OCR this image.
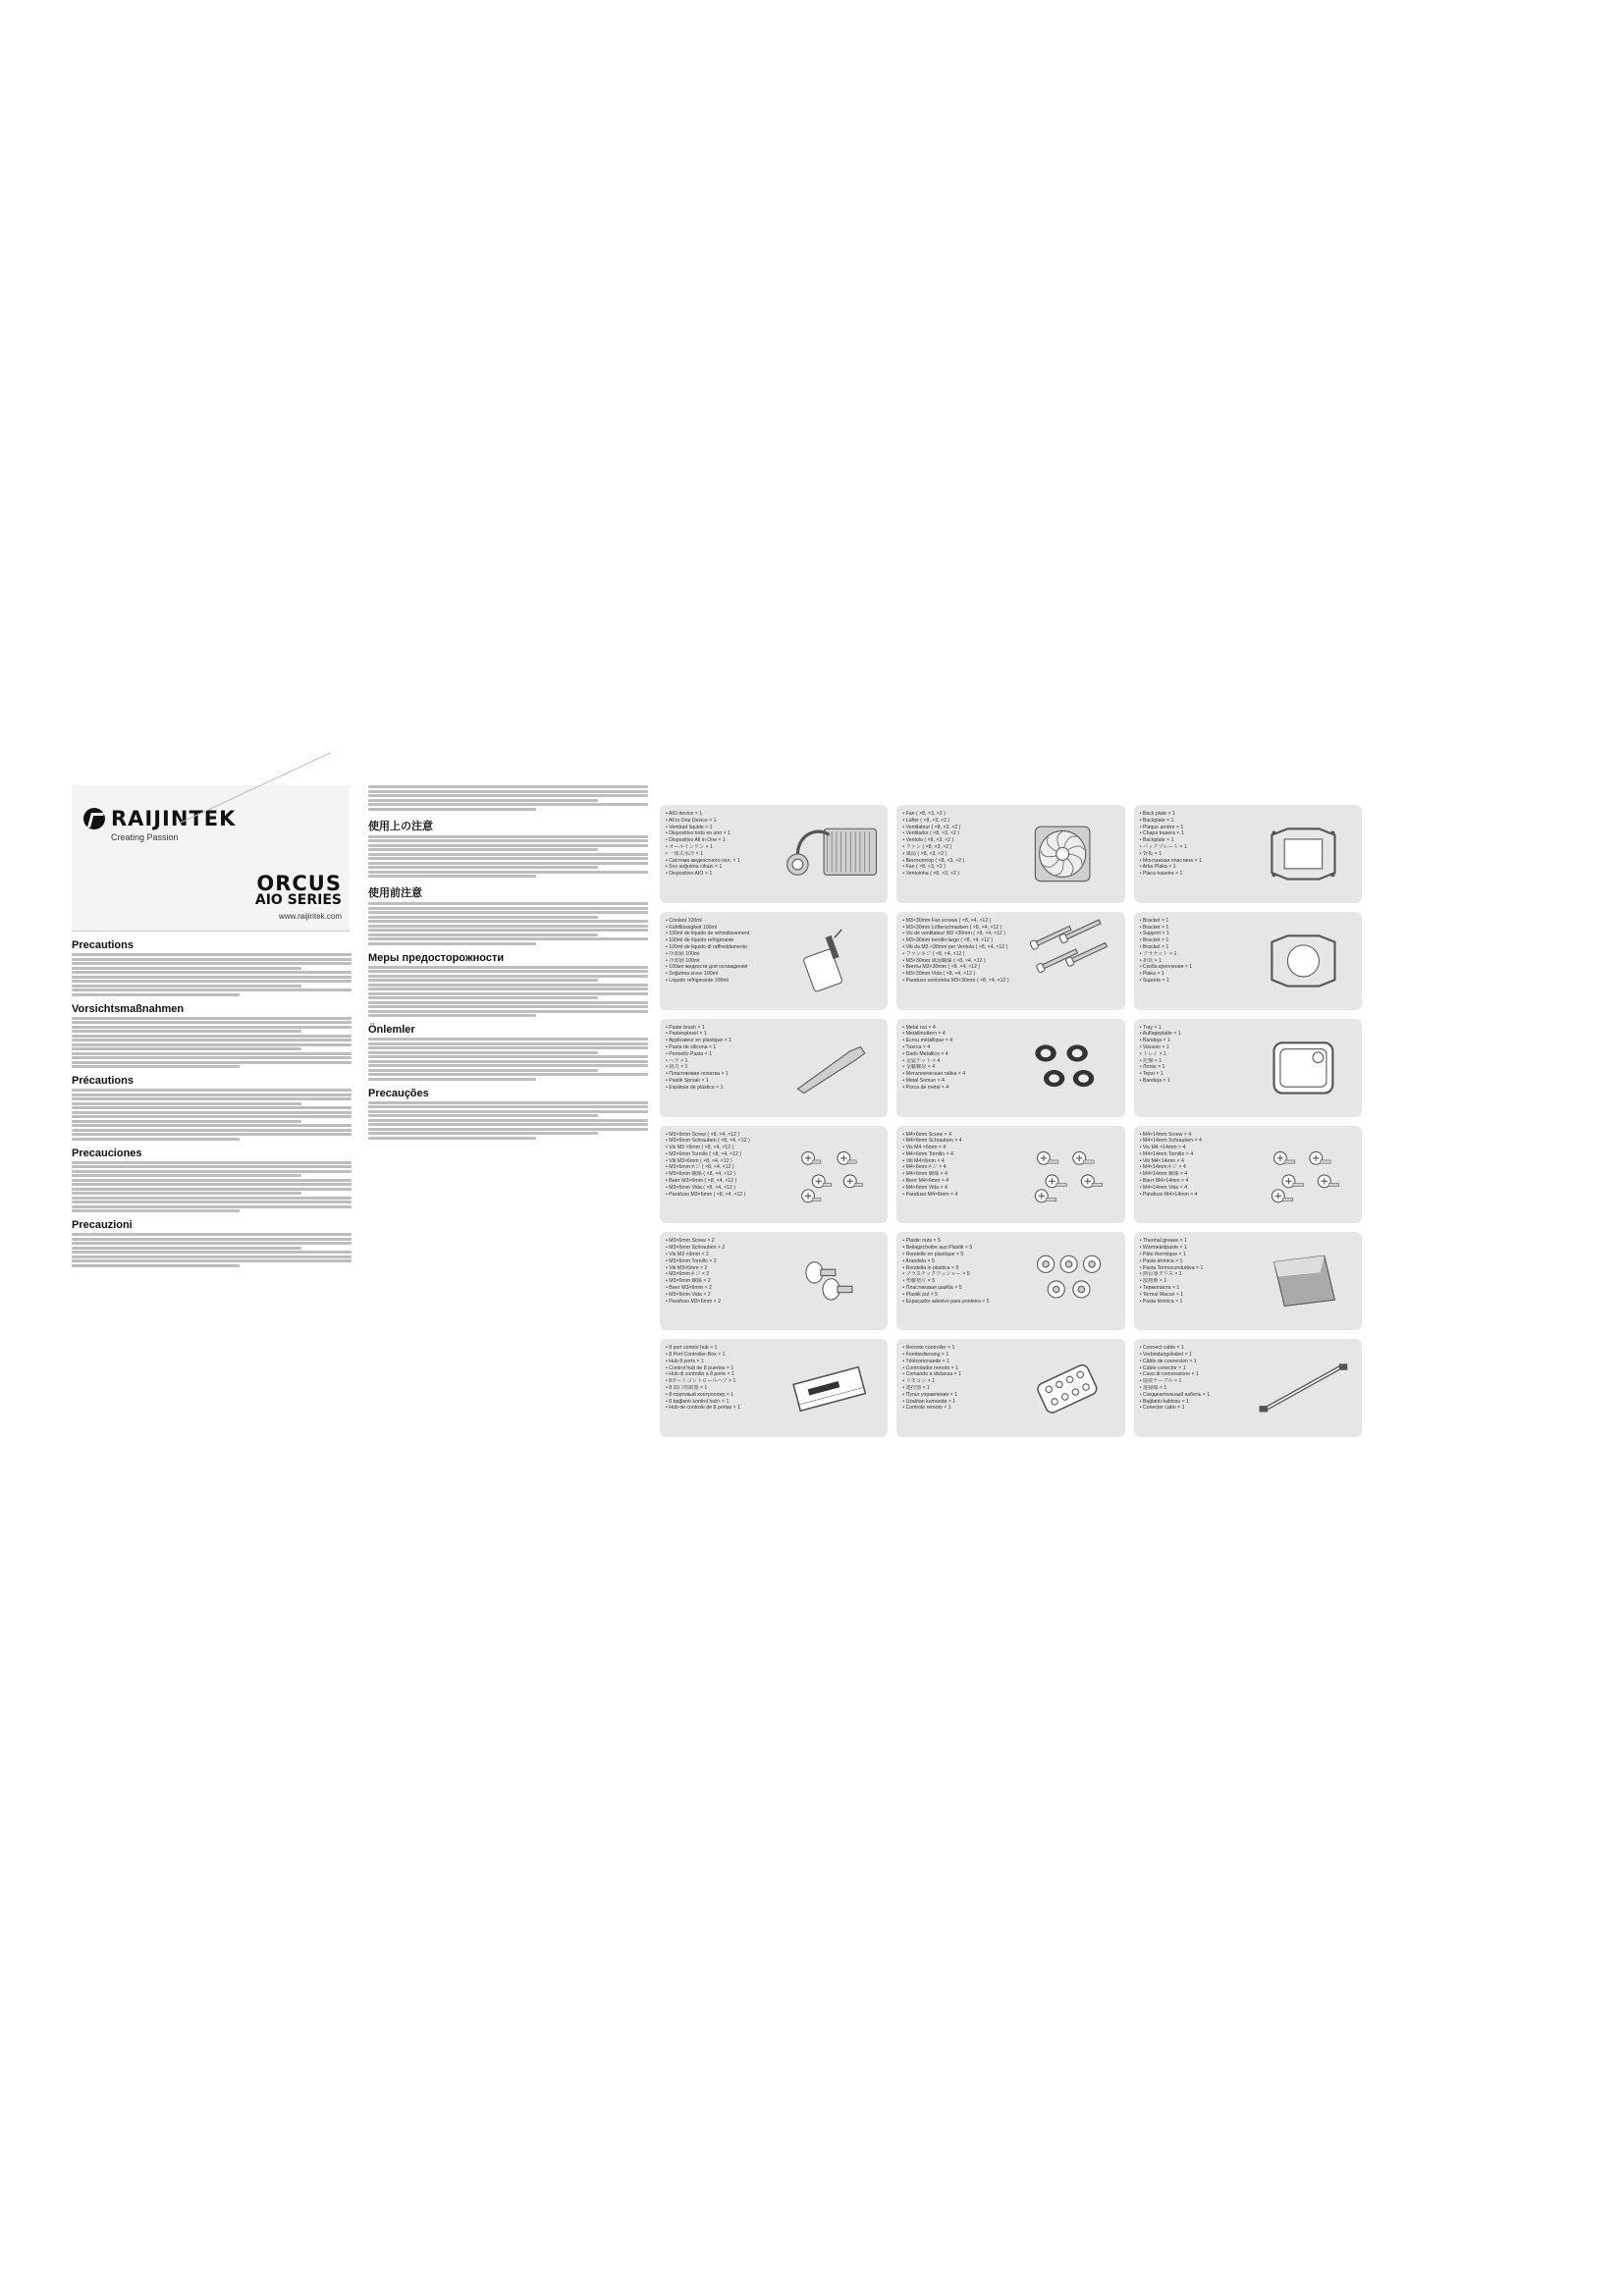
RAIJINTEK
Creating Passion
ORCUS
AIO SERIES
www.raijintek.com
Precautions
Vorsichtsmaßnahmen
Précautions
Precauciones
Precauzioni
使用上の注意
使用前注意
Меры предосторожности
Önlemler
Precauções
• AIO device × 1
• All in One Device × 1
• Ventirad liquide × 1
• Dispositivo todo en uno × 1
• Dispositivo All in One × 1
• オールインワン × 1
• 一体式水冷 × 1
• Система жидкостного охл. × 1
• Sıvı soğutma cihazı × 1
• Dispositivo AIO × 1
• Fan ( ×8, ×3, ×2 )
• Lüfter ( ×8, ×3, ×2 )
• Ventilateur ( ×8, ×3, ×2 )
• Ventilador ( ×8, ×3, ×2 )
• Ventola ( ×8, ×3, ×2 )
• ファン ( ×8, ×3, ×2 )
• 風扇 ( ×8, ×3, ×2 )
• Вентилятор ( ×8, ×3, ×2 )
• Fan ( ×8, ×3, ×2 )
• Ventoinha ( ×8, ×3, ×2 )
• Back plate × 1
• Backplate × 1
• Plaque arrière × 1
• Chapa trasera × 1
• Backplate × 1
• バックプレート × 1
• 背板 × 1
• Монтажная пластина × 1
• Arka Plaka × 1
• Placa traseira × 1
• Coolant 100ml
• Kühlflüssigkeit 100ml
• 100ml de liquide de refroidissement
• 100ml de líquido refrigerante
• 100ml de liquido di raffreddamento
• 冷却液 100ml
• 冷却液 100ml
• 100мл жидкости для охлаждения
• Soğutma sıvısı 100ml
• Líquido refrigerante 100ml
• M3×30mm Fan screws ( ×8, ×4, ×12 )
• M3×30mm Lüfterschrauben ( ×8, ×4, ×12 )
• Vis de ventilateur M3 ×30mm ( ×8, ×4, ×12 )
• M3×30mm tornillo largo ( ×8, ×4, ×12 )
• Viti da M3 ×30mm per Ventola ( ×8, ×4, ×12 )
• ファンネジ ( ×8, ×4, ×12 )
• M3×30mm 風扇螺絲 ( ×8, ×4, ×12 )
• Винты M3×30mm ( ×8, ×4, ×12 )
• M3×30mm Vida ( ×8, ×4, ×12 )
• Parafuso ventoinha M3×30mm ( ×8, ×4, ×12 )
• Bracket × 1
• Bracket × 1
• Support × 1
• Bracket × 1
• Bracket × 1
• ブラケット × 1
• 扣具 × 1
• Скоба крепления × 1
• Plaka × 1
• Suporte × 1
• Paste brush × 1
• Pastenpinsel × 1
• Applicateur en plastique × 1
• Pasta de silicona × 1
• Pennello Pasta × 1
• ヘラ × 1
• 刮刀 × 1
• Пластиковая лопатка × 1
• Pastik Sprsalı × 1
• Espátula de plástico × 1
• Metal nut × 4
• Metallmuttern × 4
• Ecrou métallique × 4
• Tuerca × 4
• Dado Metallico × 4
• 金属ナット × 4
• 金屬螺母 × 4
• Металлическая гайка × 4
• Metal Somun × 4
• Porca de metal × 4
• Tray × 1
• Auflageplatte × 1
• Bandeja × 1
• Vassoio × 1
• トレイ × 1
• 托盤 × 1
• Лоток × 1
• Tepsi × 1
• Bandeja × 1
• M3×6mm Screw ( ×8, ×4, ×12 )
• M3×6mm Schrauben ( ×8, ×4, ×12 )
• Vis M3 ×6mm ( ×8, ×4, ×12 )
• M3×6mm Tornillo ( ×8, ×4, ×12 )
• Viti M3×6mm ( ×8, ×4, ×12 )
• M3×6mmネジ ( ×8, ×4, ×12 )
• M3×6mm 螺絲 ( ×8, ×4, ×12 )
• Винт M3×6mm ( ×8, ×4, ×12 )
• M3×6mm Vida ( ×8, ×4, ×12 )
• Parafuso M3×6mm ( ×8, ×4, ×12 )
• M4×6mm Screw × 4
• M4×6mm Schrauben × 4
• Vis M4 ×6mm × 4
• M4×6mm Tornillo × 4
• Viti M4×6mm × 4
• M4×6mmネジ × 4
• M4×6mm 螺絲 × 4
• Винт M4×6mm × 4
• M4×6mm Vida × 4
• Parafuso M4×6mm × 4
• M4×14mm Screw × 4
• M4×14mm Schrauben × 4
• Vis M4 ×14mm × 4
• M4×14mm Tornillo × 4
• Viti M4×14mm × 4
• M4×14mmネジ × 4
• M4×14mm 螺絲 × 4
• Винт M4×14mm × 4
• M4×14mm Vida × 4
• Parafuso M4×14mm × 4
• M3×6mm Screw × 2
• M3×6mm Schrauben × 2
• Vis M3 ×6mm × 2
• M3×6mm Tornillo × 2
• Viti M3×6mm × 2
• M3×6mmネジ × 2
• M3×6mm 螺絲 × 2
• Винт M3×6mm × 2
• M3×6mm Vida × 2
• Parafuso M3×6mm × 2
• Plastic nuts × 5
• Beilagscheibe aus Plastik × 5
• Rondelle en plastique × 5
• Arandela × 5
• Rondella in plastica × 5
• プラスチックワッシャー × 5
• 塑膠墊片 × 5
• Пластиковая шайба × 5
• Plastik pul × 5
• Espaçador adesivo para ponteira × 5
• Thermal grease × 1
• Wärmeleitpaste × 1
• Pâte thermique × 1
• Pasta térmica × 1
• Pasta Termoconduttiva × 1
• 熱伝導グリス × 1
• 散熱膏 × 1
• Термопаста × 1
• Termal Macun × 1
• Pasta térmica × 1
• 8 port control hub × 1
• 8 Port Controller-Box × 1
• Hub 8 ports × 1
• Control hub de 8 puertos × 1
• Hub di controllo a 8 porte × 1
• 8ポートコントロールハブ × 1
• 8 端口控制器 × 1
• 8-портовый контроллер × 1
• 8 bağlantı kontrol hub'ı × 1
• Hub de controle de 8 portas × 1
• Remote controller × 1
• Fernbedienung × 1
• Télécommande × 1
• Controlador remoto × 1
• Comando a distanza × 1
• リモコン × 1
• 遙控器 × 1
• Пульт управления × 1
• Uzaktan kumanda × 1
• Controle remoto × 1
• Connect cable × 1
• Verbindungskabel × 1
• Câble de connexion × 1
• Cable conector × 1
• Cavo di connessione × 1
• 接続ケーブル × 1
• 連接線 × 1
• Соединительный кабель × 1
• Bağlantı kablosu × 1
• Conector cabo × 1
